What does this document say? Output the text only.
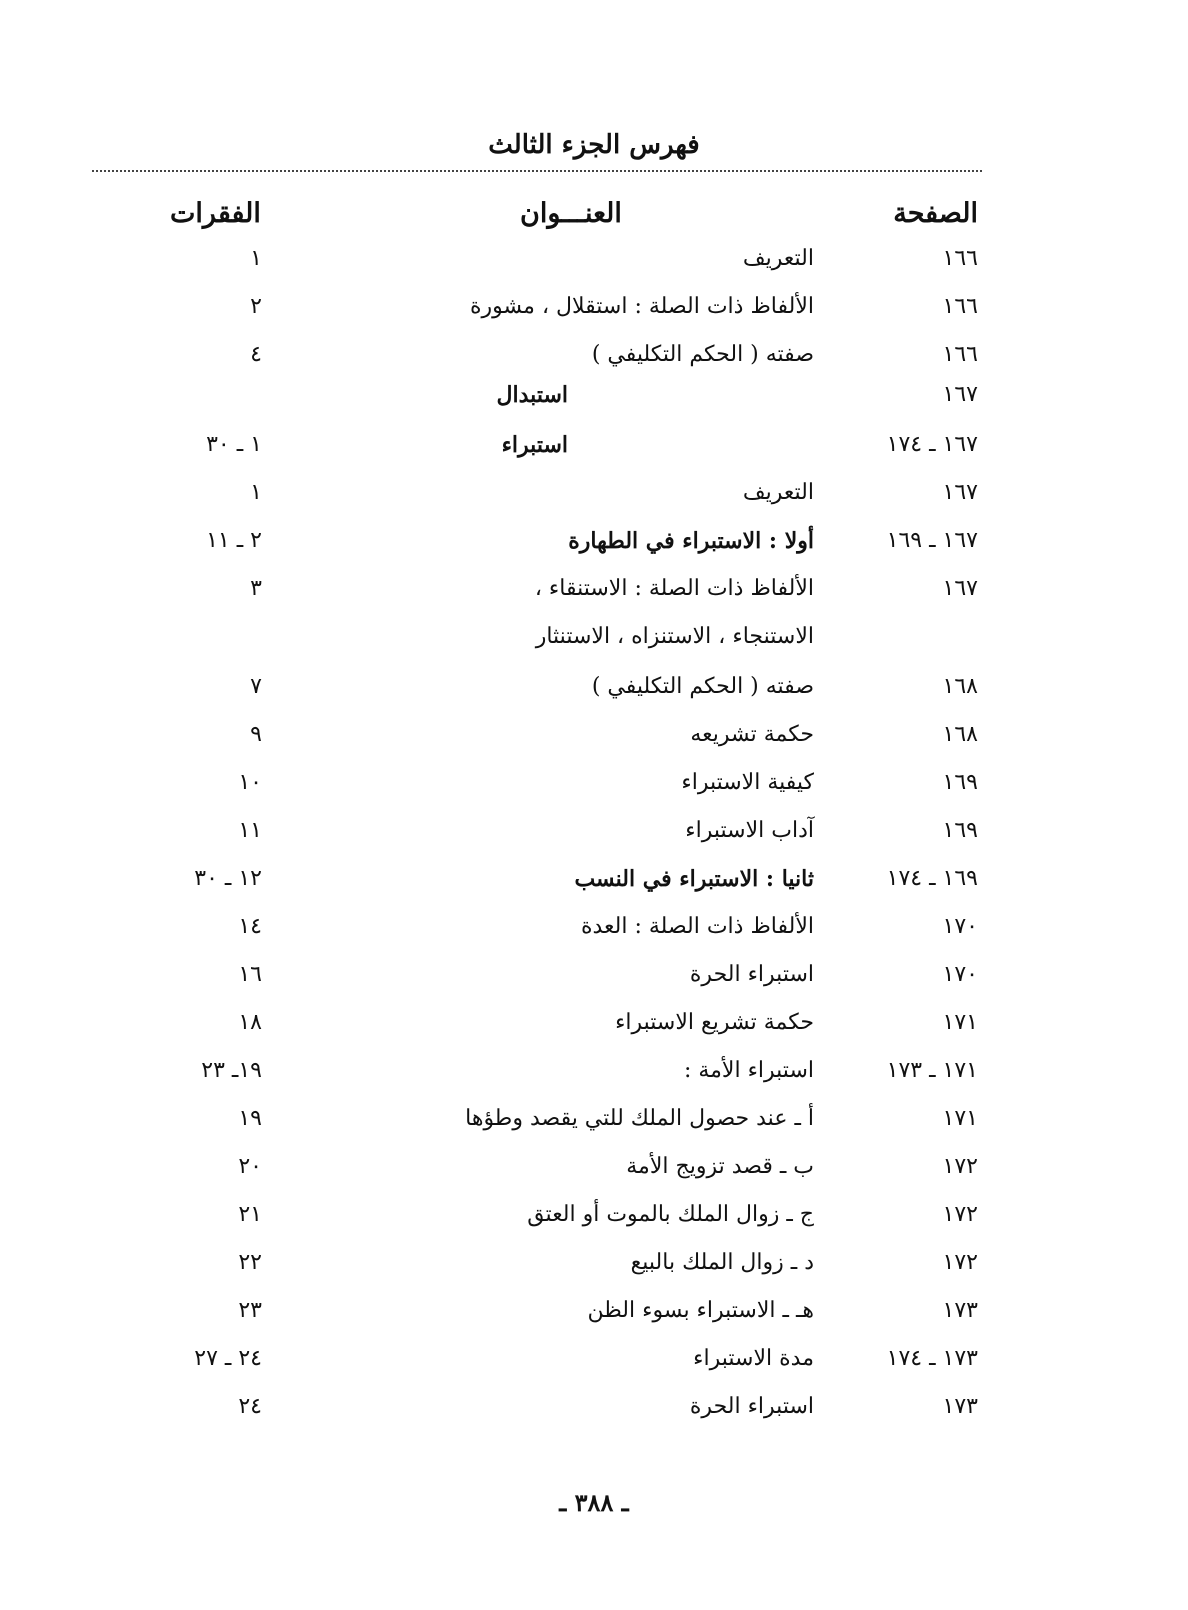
فهرس الجزء الثالث
الصفحة
العنـــوان
الفقرات
١٦٦
التعريف
١
١٦٦
الألفاظ ذات الصلة : استقلال ، مشورة
٢
١٦٦
صفته ( الحكم التكليفي )
٤
١٦٧
استبدال
١٦٧ ـ ١٧٤
استبراء
١ ـ ٣٠
١٦٧
التعريف
١
١٦٧ ـ ١٦٩
أولا : الاستبراء في الطهارة
٢ ـ ١١
١٦٧
الألفاظ ذات الصلة : الاستنقاء ،
٣
الاستنجاء ، الاستنزاه ، الاستنثار
١٦٨
صفته ( الحكم التكليفي )
٧
١٦٨
حكمة تشريعه
٩
١٦٩
كيفية الاستبراء
١٠
١٦٩
آداب الاستبراء
١١
١٦٩ ـ ١٧٤
ثانيا : الاستبراء في النسب
١٢ ـ ٣٠
١٧٠
الألفاظ ذات الصلة : العدة
١٤
١٧٠
استبراء الحرة
١٦
١٧١
حكمة تشريع الاستبراء
١٨
١٧١ ـ ١٧٣
استبراء الأمة :
١٩ـ ٢٣
١٧١
أ ـ عند حصول الملك للتي يقصد وطؤها
١٩
١٧٢
ب ـ قصد تزويج الأمة
٢٠
١٧٢
ج ـ زوال الملك بالموت أو العتق
٢١
١٧٢
د ـ زوال الملك بالبيع
٢٢
١٧٣
هـ ـ الاستبراء بسوء الظن
٢٣
١٧٣ ـ ١٧٤
مدة الاستبراء
٢٤ ـ ٢٧
١٧٣
استبراء الحرة
٢٤
ـ ٣٨٨ ـ
